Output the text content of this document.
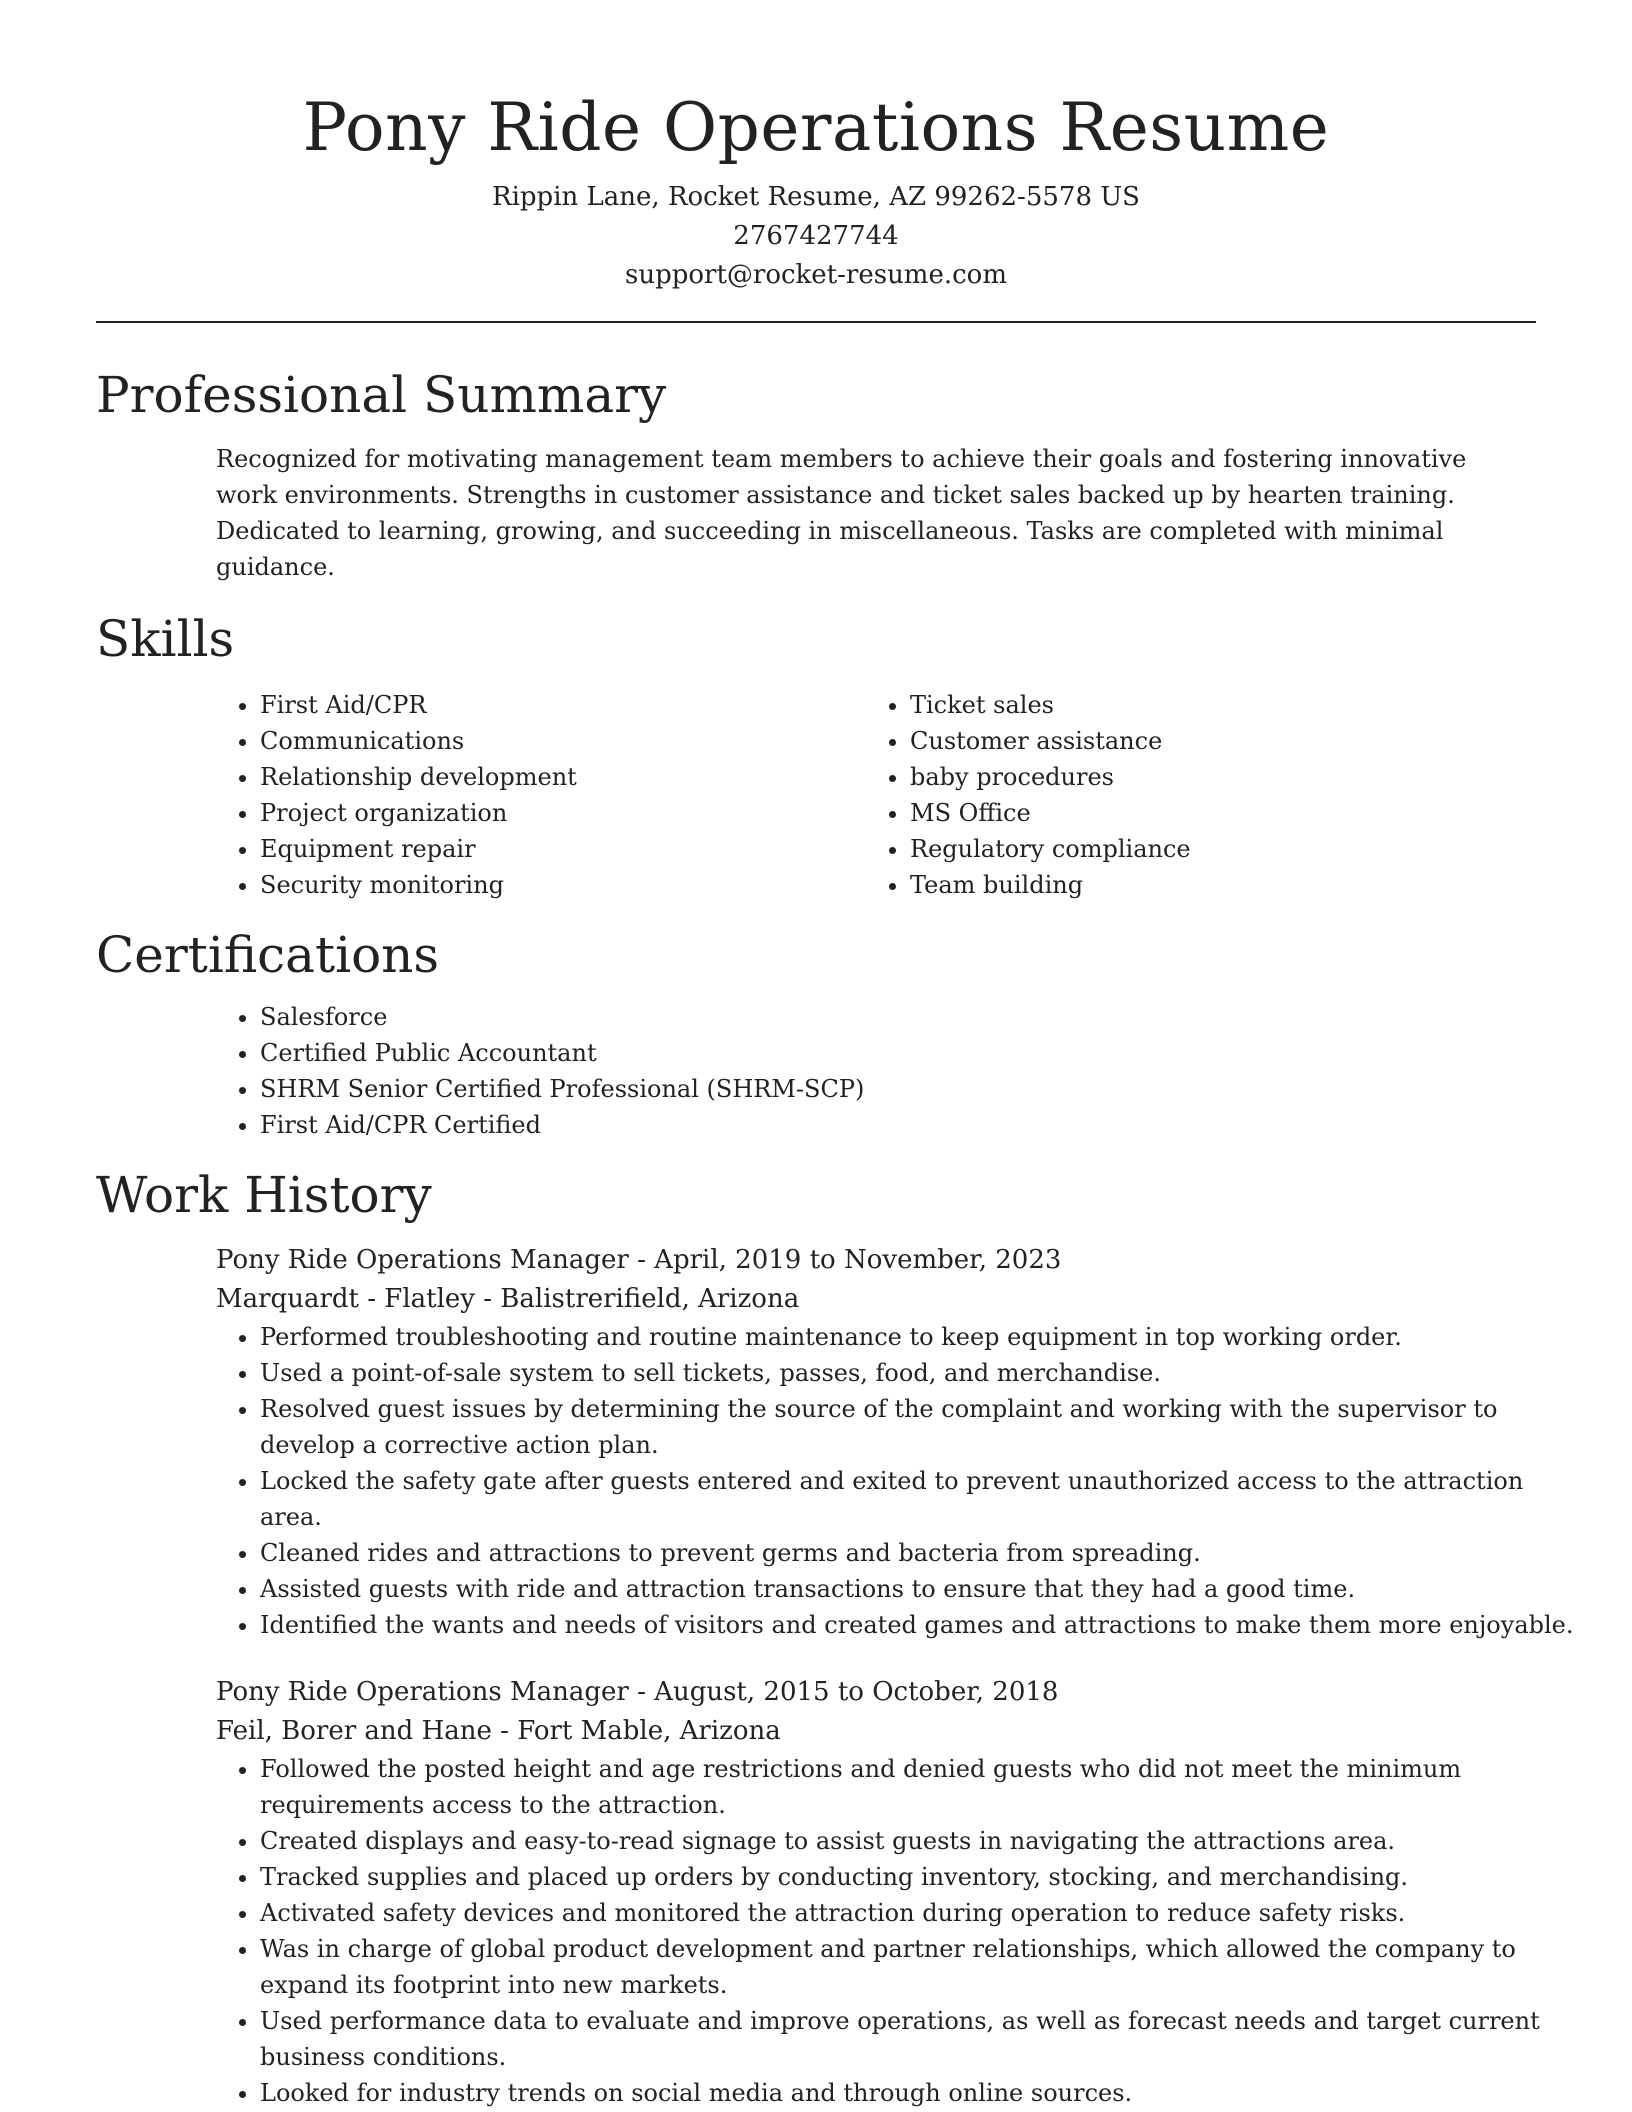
Pony Ride Operations Resume

Rippin Lane, Rocket Resume, AZ 99262-5578 US

2767427744

support@rocket-resume.com

Professional Summary

Recognized for motivating management team members to achieve their goals and fostering innovative work environments. Strengths in customer assistance and ticket sales backed up by hearten training. Dedicated to learning, growing, and succeeding in miscellaneous. Tasks are completed with minimal guidance.

Skills
• First Aid/CPR
• Communications
• Relationship development
• Project organization
• Equipment repair
• Security monitoring
• Ticket sales
• Customer assistance
• baby procedures
• MS Office
• Regulatory compliance
• Team building
Certifications
• Salesforce
• Certified Public Accountant
• SHRM Senior Certified Professional (SHRM-SCP)
• First Aid/CPR Certified
Work History

Pony Ride Operations Manager - April, 2019 to November, 2023

Marquardt - Flatley - Balistrerifield, Arizona

• Performed troubleshooting and routine maintenance to keep equipment in top working order.
• Used a point-of-sale system to sell tickets, passes, food, and merchandise.
• Resolved guest issues by determining the source of the complaint and working with the supervisor to develop a corrective action plan.
• Locked the safety gate after guests entered and exited to prevent unauthorized access to the attraction area.
• Cleaned rides and attractions to prevent germs and bacteria from spreading.
• Assisted guests with ride and attraction transactions to ensure that they had a good time.
• Identified the wants and needs of visitors and created games and attractions to make them more enjoyable.

Pony Ride Operations Manager - August, 2015 to October, 2018

Feil, Borer and Hane - Fort Mable, Arizona

• Followed the posted height and age restrictions and denied guests who did not meet the minimum requirements access to the attraction.
• Created displays and easy-to-read signage to assist guests in navigating the attractions area.
• Tracked supplies and placed up orders by conducting inventory, stocking, and merchandising.
• Activated safety devices and monitored the attraction during operation to reduce safety risks.
• Was in charge of global product development and partner relationships, which allowed the company to expand its footprint into new markets.
• Used performance data to evaluate and improve operations, as well as forecast needs and target current business conditions.
• Looked for industry trends on social media and through online sources.
